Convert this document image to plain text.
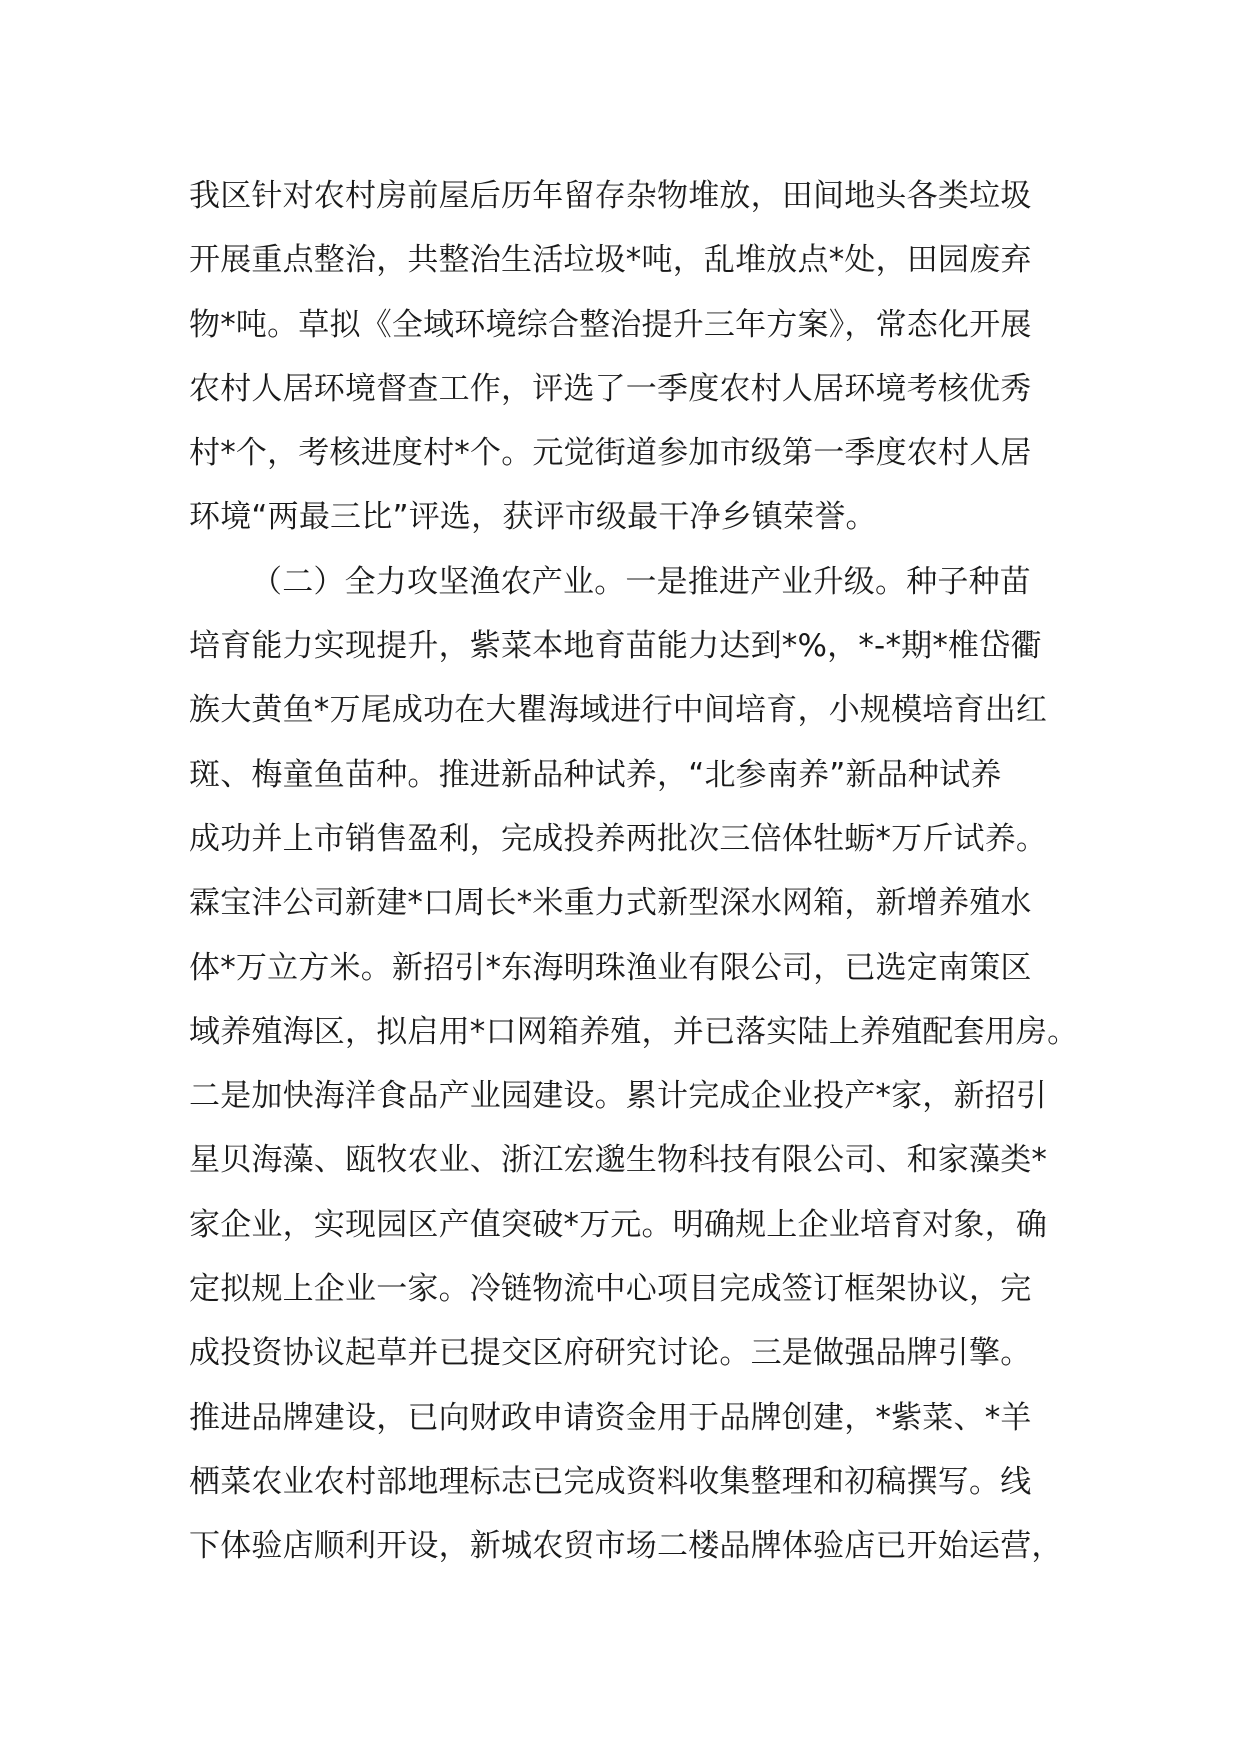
我区针对农村房前屋后历年留存杂物堆放，田间地头各类垃圾
开展重点整治，共整治生活垃圾*吨，乱堆放点*处，田园废弃
物*吨。草拟《全域环境综合整治提升三年方案》，常态化开展
农村人居环境督查工作，评选了一季度农村人居环境考核优秀
村*个，考核进度村*个。元觉街道参加市级第一季度农村人居
环境“两最三比”评选，获评市级最干净乡镇荣誉。
（二）全力攻坚渔农产业。一是推进产业升级。种子种苗
培育能力实现提升，紫菜本地育苗能力达到*%，*-*期*椎岱衢
族大黄鱼*万尾成功在大瞿海域进行中间培育，小规模培育出红
斑、梅童鱼苗种。推进新品种试养，“北参南养”新品种试养
成功并上市销售盈利，完成投养两批次三倍体牡蛎*万斤试养。
霖宝沣公司新建*口周长*米重力式新型深水网箱，新增养殖水
体*万立方米。新招引*东海明珠渔业有限公司，已选定南策区
域养殖海区，拟启用*口网箱养殖，并已落实陆上养殖配套用房。
二是加快海洋食品产业园建设。累计完成企业投产*家，新招引
星贝海藻、瓯牧农业、浙江宏邈生物科技有限公司、和家藻类*
家企业，实现园区产值突破*万元。明确规上企业培育对象，确
定拟规上企业一家。冷链物流中心项目完成签订框架协议，完
成投资协议起草并已提交区府研究讨论。三是做强品牌引擎。
推进品牌建设，已向财政申请资金用于品牌创建，*紫菜、*羊
栖菜农业农村部地理标志已完成资料收集整理和初稿撰写。线
下体验店顺利开设，新城农贸市场二楼品牌体验店已开始运营，
